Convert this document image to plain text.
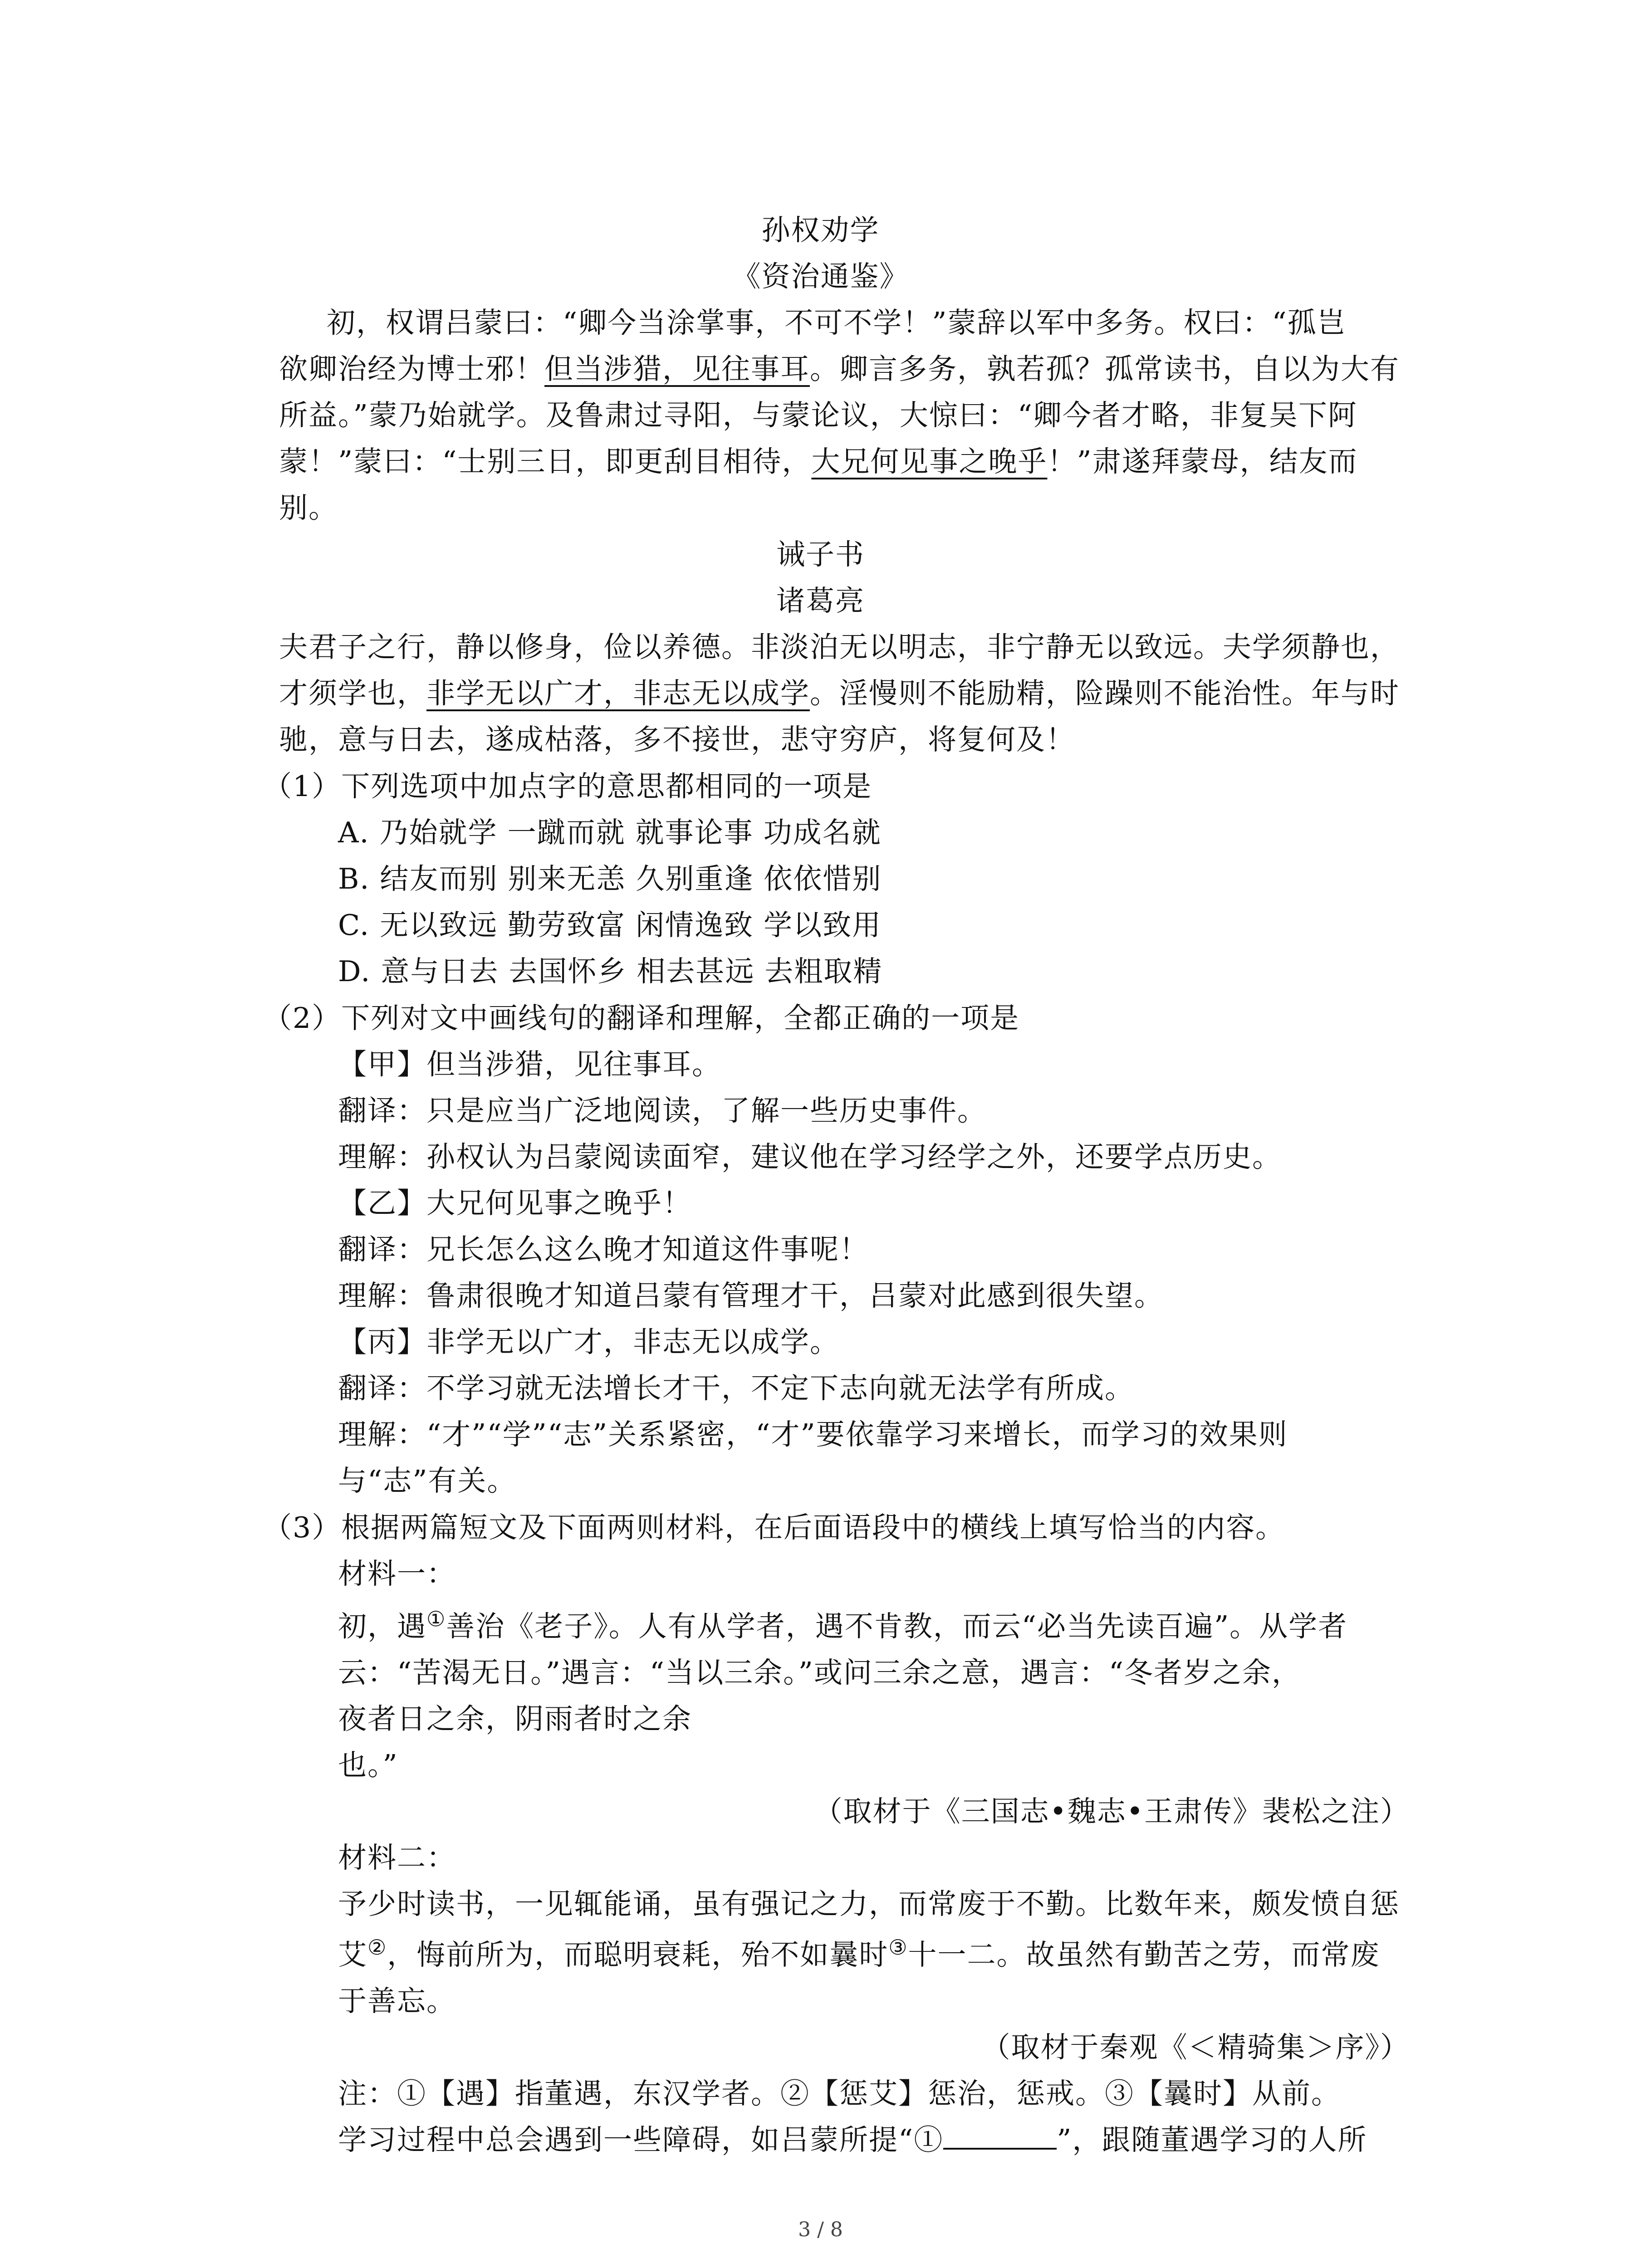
孙权劝学
《资治通鉴》
初，权谓吕蒙曰：“卿今当涂掌事，不可不学！”蒙辞以军中多务。权曰：“孤岂
欲卿治经为博士邪！但当涉猎，见往事耳。卿言多务，孰若孤？孤常读书，自以为大有
所益。”蒙乃始就学。及鲁肃过寻阳，与蒙论议，大惊曰：“卿今者才略，非复吴下阿
蒙！”蒙曰：“士别三日，即更刮目相待，大兄何见事之晚乎！”肃遂拜蒙母，结友而
别。
诫子书
诸葛亮
夫君子之行，静以修身，俭以养德。非淡泊无以明志，非宁静无以致远。夫学须静也，
才须学也，非学无以广才，非志无以成学。淫慢则不能励精，险躁则不能治性。年与时
驰，意与日去，遂成枯落，多不接世，悲守穷庐，将复何及！
（1）下列选项中加点字的意思都相同的一项是
A. 乃始就学 一蹴而就 就事论事 功成名就
B. 结友而别 别来无恙 久别重逢 依依惜别
C. 无以致远 勤劳致富 闲情逸致 学以致用
D. 意与日去 去国怀乡 相去甚远 去粗取精
（2）下列对文中画线句的翻译和理解，全都正确的一项是
【甲】但当涉猎，见往事耳。
翻译：只是应当广泛地阅读，了解一些历史事件。
理解：孙权认为吕蒙阅读面窄，建议他在学习经学之外，还要学点历史。
【乙】大兄何见事之晚乎！
翻译：兄长怎么这么晚才知道这件事呢！
理解：鲁肃很晚才知道吕蒙有管理才干，吕蒙对此感到很失望。
【丙】非学无以广才，非志无以成学。
翻译：不学习就无法增长才干，不定下志向就无法学有所成。
理解：“才”“学”“志”关系紧密，“才”要依靠学习来增长，而学习的效果则
与“志”有关。
（3）根据两篇短文及下面两则材料，在后面语段中的横线上填写恰当的内容。
材料一：
初，遇①善治《老子》。人有从学者，遇不肯教，而云“必当先读百遍”。从学者
云：“苦渴无日。”遇言：“当以三余。”或问三余之意，遇言：“冬者岁之余，
夜者日之余，阴雨者时之余
也。”
（取材于《三国志•魏志•王肃传》裴松之注）
材料二：
予少时读书，一见辄能诵，虽有强记之力，而常废于不勤。比数年来，颇发愤自惩
艾②，悔前所为，而聪明衰耗，殆不如曩时③十一二。故虽然有勤苦之劳，而常废
于善忘。
（取材于秦观《＜精骑集＞序》）
注：①【遇】指董遇，东汉学者。②【惩艾】惩治，惩戒。③【曩时】从前。
学习过程中总会遇到一些障碍，如吕蒙所提“①	”，跟随董遇学习的人所
3 / 8
